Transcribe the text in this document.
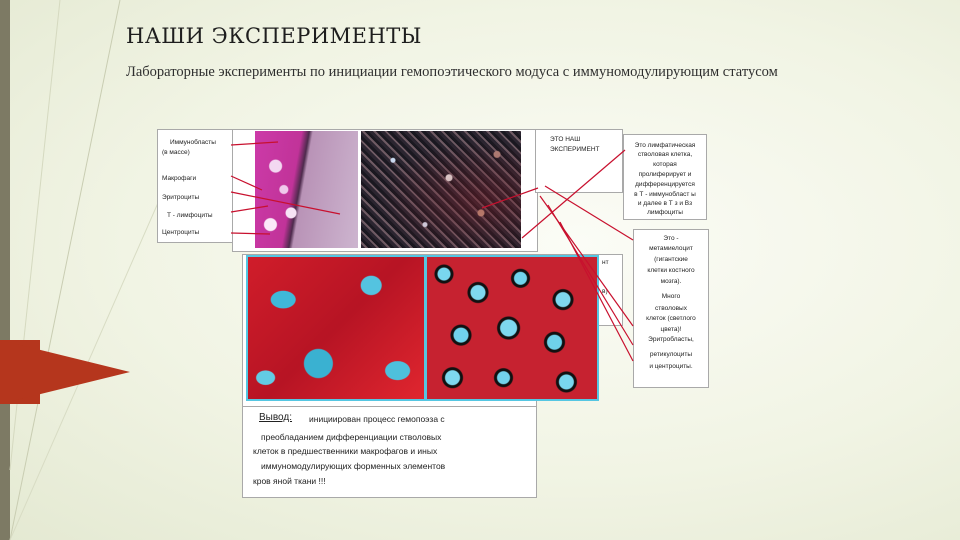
НАШИ ЭКСПЕРИМЕНТЫ
Лабораторные эксперименты по инициации гемопоэтического модуса с иммуномодулирующим статусом
Иммунобласты
(в массе)
Макрофаги
Эритроциты
Т - лимфоциты
Центроциты
ЭТО НАШ
ЭКСПЕРИМЕНТ
нт
в)
Это лимфатическая
стволовая клетка,
которая
пролиферирует и
дифференцируется
в Т - иммунобласт ы
и далее в Т з и Вз
лимфоциты
Это -
метамиелоцит
(гигантские
клетки костного
мозга).
Много
стволовых
клеток (светлого
цвета)!
Эритробласты,
ретикулоциты
и центроциты.
Вывод: инициирован процесс гемопоэза с
преобладанием дифференциации стволовых
клеток в предшественники макрофагов и иных
иммуномодулирующих форменных элементов
кров яной ткани !!!
